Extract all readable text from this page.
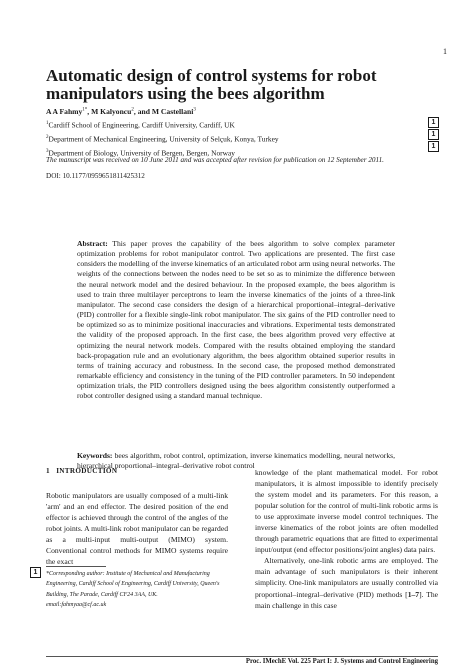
1
Automatic design of control systems for robot manipulators using the bees algorithm
A A Fahmy$^{1*}$, M Kalyoncu$^2$, and M Castellani$^3$
$^1$Cardiff School of Engineering, Cardiff University, Cardiff, UK
$^2$Department of Mechanical Engineering, University of Selçuk, Konya, Turkey
$^3$Department of Biology, University of Bergen, Bergen, Norway
1
1
1
1
The manuscript was received on 10 June 2011 and was accepted after revision for publication on 12 September 2011.
DOI: 10.1177/0959651811425312

Abstract: This paper proves the capability of the bees algorithm to solve complex parameter optimization problems for robot manipulator control. Two applications are presented. The first case considers the modelling of the inverse kinematics of an articulated robot arm using neural networks. The weights of the connections between the nodes need to be set so as to minimize the difference between the neural network model and the desired behaviour. In the proposed example, the bees algorithm is used to train three multilayer perceptrons to learn the inverse kinematics of the joints of a three-link manipulator. The second case considers the design of a hierarchical proportional–integral–derivative (PID) controller for a flexible single-link robot manipulator. The six gains of the PID controller need to be optimized so as to minimize positional inaccuracies and vibrations. Experimental tests demonstrated the validity of the proposed approach. In the first case, the bees algorithm proved very effective at optimizing the neural network models. Compared with the results obtained employing the standard back-propagation rule and an evolutionary algorithm, the bees algorithm obtained superior results in terms of training accuracy and robustness. In the second case, the proposed method demonstrated remarkable efficiency and consistency in the tuning of the PID controller parameters. In 50 independent optimization trials, the PID controllers designed using the bees algorithm consistently outperformed a robot controller designed using a standard manual technique.

Keywords: bees algorithm, robot control, optimization, inverse kinematics modelling, neural networks, hierarchical proportional–integral–derivative robot control

1 INTRODUCTION

Robotic manipulators are usually composed of a multi-link 'arm' and an end effector. The desired position of the end effector is achieved through the control of the angles of the robot joints. A multi-link robot manipulator can be regarded as a multi-input multi-output (MIMO) system. Conventional control methods for MIMO systems require the exact

knowledge of the plant mathematical model. For robot manipulators, it is almost impossible to identify precisely the system model and its parameters. For this reason, a popular solution for the control of multi-link robotic arms is to use approximate inverse model control techniques. The inverse kinematics of the robot joints are often modelled through parametric equations that are fitted to experimental input/output (end effector positions/joint angles) data pairs.

Alternatively, one-link robotic arms are employed. The main advantage of such manipulators is their inherent simplicity. One-link manipulators are usually controlled via proportional–integral–derivative (PID) methods [1–7]. The main challenge in this case

*Corresponding author: Institute of Mechanical and Manufacturing Engineering, Cardiff School of Engineering, Cardiff University, Queen's Building, The Parade, Cardiff CF24 3AA, UK.
email:fahmyaa@cf.ac.uk
Proc. IMechE Vol. 225 Part I: J. Systems and Control Engineering
